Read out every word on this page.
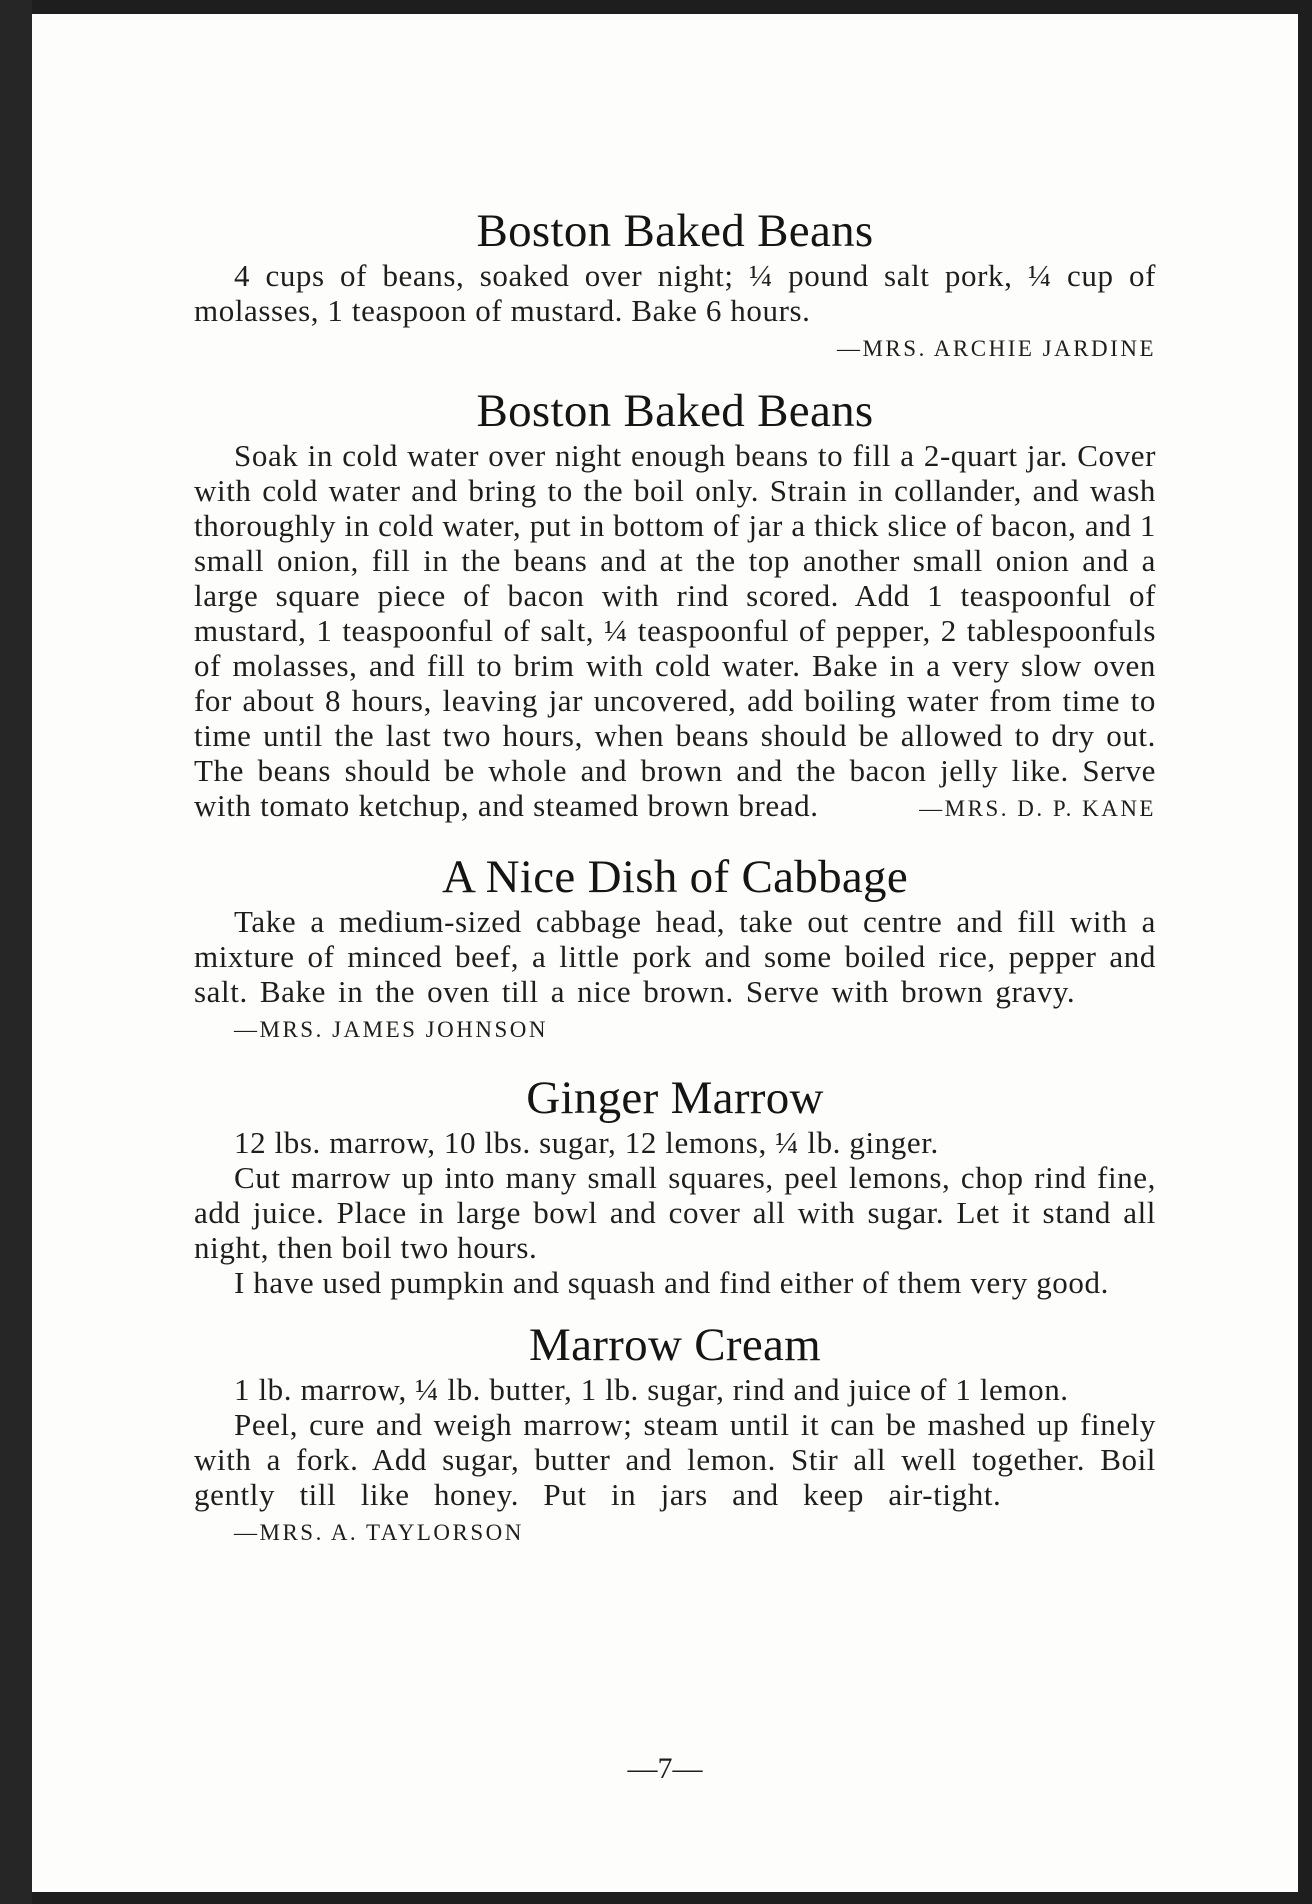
Boston Baked Beans

4 cups of beans, soaked over night; ¼ pound salt pork, ¼ cup of molasses, 1 teaspoon of mustard. Bake 6 hours.

—MRS. ARCHIE JARDINE
Boston Baked Beans

Soak in cold water over night enough beans to fill a 2-quart jar. Cover with cold water and bring to the boil only. Strain in collander, and wash thoroughly in cold water, put in bottom of jar a thick slice of bacon, and 1 small onion, fill in the beans and at the top another small onion and a large square piece of bacon with rind scored. Add 1 teaspoonful of mustard, 1 teaspoonful of salt, ¼ teaspoonful of pepper, 2 tablespoonfuls of molasses, and fill to brim with cold water. Bake in a very slow oven for about 8 hours, leaving jar uncovered, add boiling water from time to time until the last two hours, when beans should be allowed to dry out. The beans should be whole and brown and the bacon jelly like. Serve with tomato ketchup, and steamed brown bread.	—MRS. D. P. KANE

A Nice Dish of Cabbage

Take a medium-sized cabbage head, take out centre and fill with a mixture of minced beef, a little pork and some boiled rice, pepper and salt. Bake in the oven till a nice brown. Serve with brown gravy.       —MRS. JAMES JOHNSON

Ginger Marrow

12 lbs. marrow, 10 lbs. sugar, 12 lemons, ¼ lb. ginger.

Cut marrow up into many small squares, peel lemons, chop rind fine, add juice. Place in large bowl and cover all with sugar. Let it stand all night, then boil two hours.

I have used pumpkin and squash and find either of them very good.

Marrow Cream

1 lb. marrow, ¼ lb. butter, 1 lb. sugar, rind and juice of 1 lemon.

Peel, cure and weigh marrow; steam until it can be mashed up finely with a fork. Add sugar, butter and lemon. Stir all well together. Boil gently till like honey. Put in jars and keep air-tight.       —MRS. A. TAYLORSON

—7—
